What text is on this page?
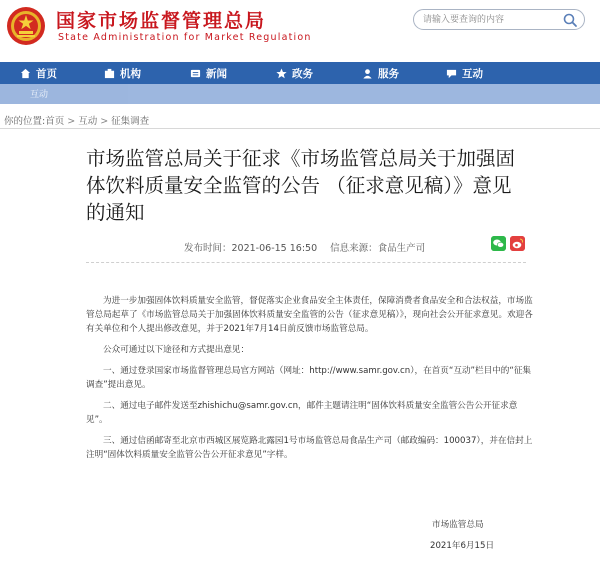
国家市场监督管理总局
State Administration for Market Regulation
请输入要查询的内容
首页	机构	新闻	政务	服务	互动
互动
你的位置:首页 > 互动 > 征集调查
市场监管总局关于征求《市场监管总局关于加强固体饮料质量安全监管的公告 （征求意见稿）》意见的通知
发布时间：2021-06-15 16:50 信息来源：食品生产司

为进一步加强固体饮料质量安全监管，督促落实企业食品安全主体责任，保障消费者食品安全和合法权益，市场监管总局起草了《市场监管总局关于加强固体饮料质量安全监管的公告（征求意见稿）》，现向社会公开征求意见。欢迎各有关单位和个人提出修改意见，并于2021年7月14日前反馈市场监管总局。

公众可通过以下途径和方式提出意见：

一、通过登录国家市场监督管理总局官方网站（网址：http://www.samr.gov.cn），在首页“互动”栏目中的“征集调查”提出意见。

二、通过电子邮件发送至zhishichu@samr.gov.cn，邮件主题请注明“固体饮料质量安全监管公告公开征求意见”。

三、通过信函邮寄至北京市西城区展览路北露园1号市场监管总局食品生产司（邮政编码：100037），并在信封上注明“固体饮料质量安全监管公告公开征求意见”字样。

市场监管总局
2021年6月15日
